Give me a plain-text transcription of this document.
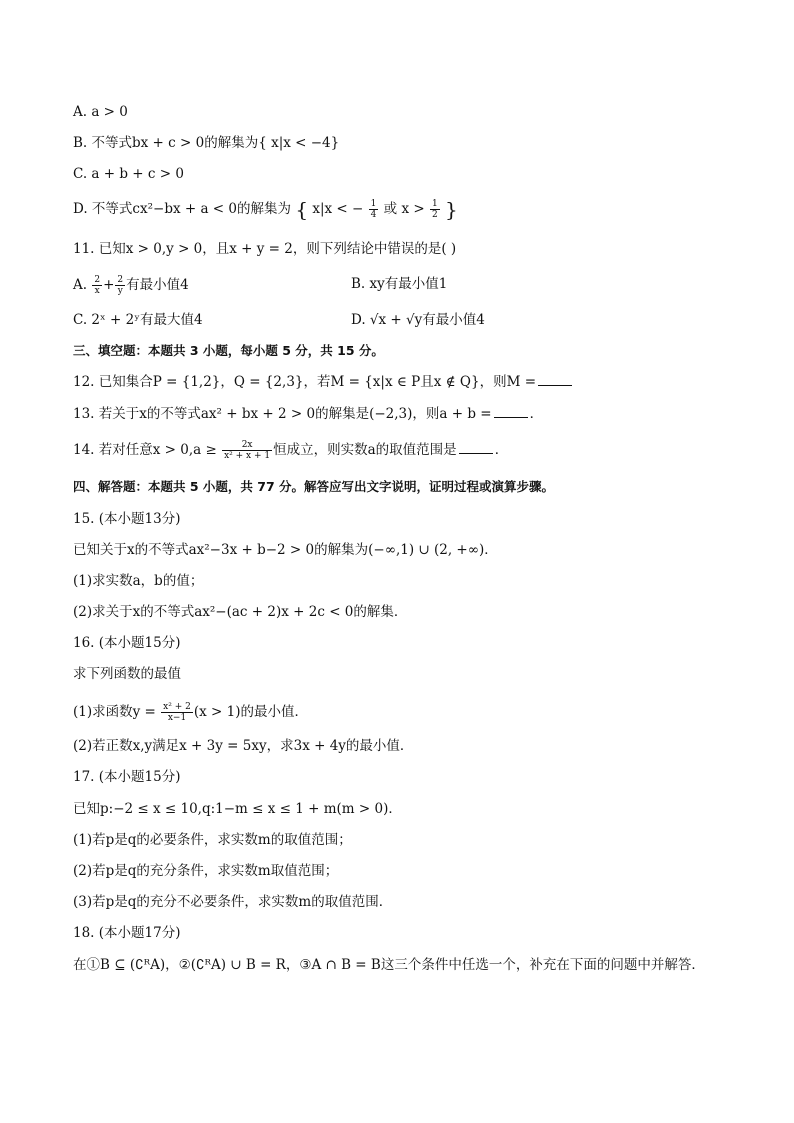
A. a > 0
B. 不等式bx + c > 0的解集为{ x|x < −4}
C. a + b + c > 0
D. 不等式cx²−bx + a < 0的解集为 { x|x < − $\frac{1}{4}$ 或 $x > \frac{1}{2}$ }
11. 已知x > 0,y > 0，且x + y = 2，则下列结论中错误的是( )
A. $\frac{2}{x} + \frac{2}{y}$ 有最小值4	B. xy有最小值1
C. 2ˣ + 2ʸ有最大值4	D. √x + √y有最小值4
三、填空题：本题共 3 小题，每小题 5 分，共 15 分。
12. 已知集合P = {1,2}，Q = {2,3}，若M = {x|x ∈ P且x ∉ Q}，则M =
13. 若关于x的不等式ax² + bx + 2 > 0的解集是(−2,3)，则a + b =	．
14. 若对任意$x > 0,a \ge \frac{2x}{\text{x² + x + 1}}$ 恒成立，则实数a的取值范围是	．
四、解答题：本题共 5 小题，共 77 分。解答应写出文字说明，证明过程或演算步骤。
15. (本小题13分)
已知关于x的不等式ax²−3x + b−2 > 0的解集为(−∞,1) ∪ (2, +∞)．
(1)求实数a，b的值；
(2)求关于x的不等式ax²−(ac + 2)x + 2c < 0的解集．
16. (本小题15分)
求下列函数的最值
(1)求函数$y = \frac{\text{x² + 2}}{x-1} (x > 1)$的最小值．
(2)若正数x,y满足x + 3y = 5xy，求3x + 4y的最小值．
17. (本小题15分)
已知p:−2 ≤ x ≤ 10,q:1−m ≤ x ≤ 1 + m(m > 0)．
(1)若p是q的必要条件，求实数m的取值范围；
(2)若p是q的充分条件，求实数m取值范围；
(3)若p是q的充分不必要条件，求实数m的取值范围．
18. (本小题17分)
在①B ⊆ (∁ᴿA)，②(∁ᴿA) ∪ B = R，③A ∩ B = B这三个条件中任选一个，补充在下面的问题中并解答．
